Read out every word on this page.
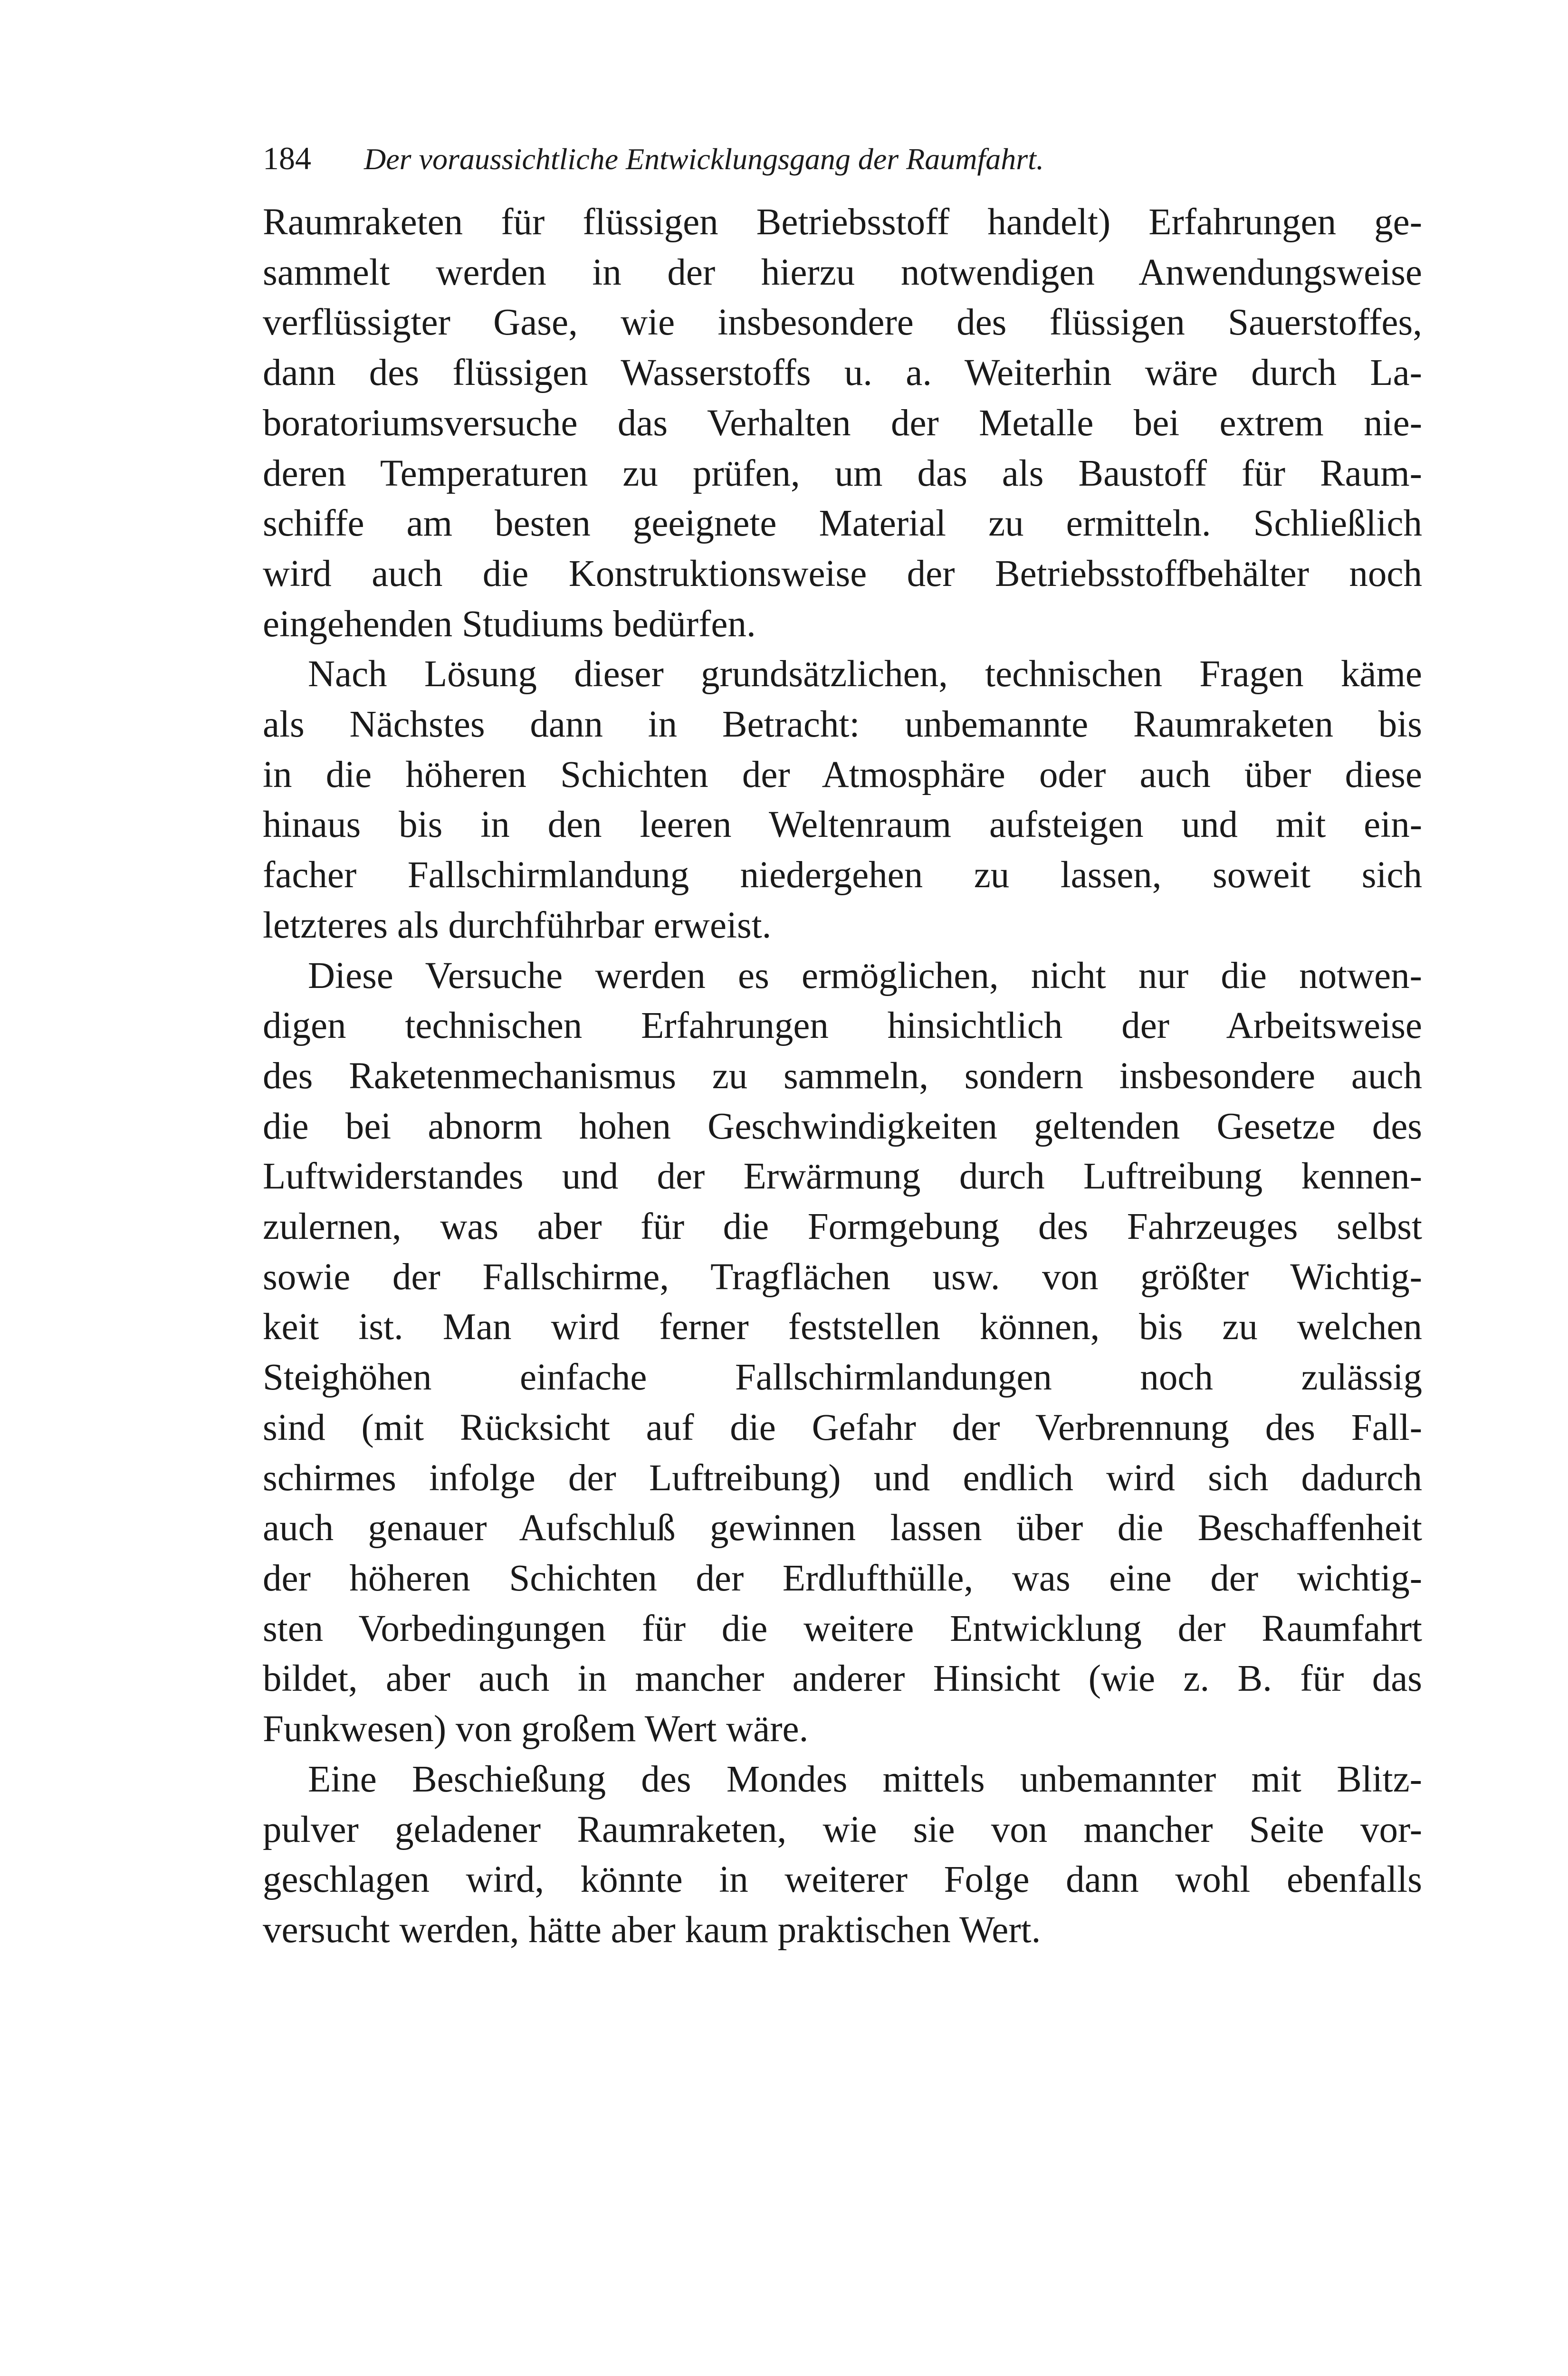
184 Der voraussichtliche Entwicklungsgang der Raumfahrt.
Raumraketen für flüssigen Betriebsstoff handelt) Erfahrungen ge-
sammelt werden in der hierzu notwendigen Anwendungsweise
verflüssigter Gase, wie insbesondere des flüssigen Sauerstoffes,
dann des flüssigen Wasserstoffs u. a. Weiterhin wäre durch La-
boratoriumsversuche das Verhalten der Metalle bei extrem nie-
deren Temperaturen zu prüfen, um das als Baustoff für Raum-
schiffe am besten geeignete Material zu ermitteln. Schließlich
wird auch die Konstruktionsweise der Betriebsstoffbehälter noch
eingehenden Studiums bedürfen.
Nach Lösung dieser grundsätzlichen, technischen Fragen käme
als Nächstes dann in Betracht: unbemannte Raumraketen bis
in die höheren Schichten der Atmosphäre oder auch über diese
hinaus bis in den leeren Weltenraum aufsteigen und mit ein-
facher Fallschirmlandung niedergehen zu lassen, soweit sich
letzteres als durchführbar erweist.
Diese Versuche werden es ermöglichen, nicht nur die notwen-
digen technischen Erfahrungen hinsichtlich der Arbeitsweise
des Raketenmechanismus zu sammeln, sondern insbesondere auch
die bei abnorm hohen Geschwindigkeiten geltenden Gesetze des
Luftwiderstandes und der Erwärmung durch Luftreibung kennen-
zulernen, was aber für die Formgebung des Fahrzeuges selbst
sowie der Fallschirme, Tragflächen usw. von größter Wichtig-
keit ist. Man wird ferner feststellen können, bis zu welchen
Steighöhen einfache Fallschirmlandungen noch zulässig
sind (mit Rücksicht auf die Gefahr der Verbrennung des Fall-
schirmes infolge der Luftreibung) und endlich wird sich dadurch
auch genauer Aufschluß gewinnen lassen über die Beschaffenheit
der höheren Schichten der Erdlufthülle, was eine der wichtig-
sten Vorbedingungen für die weitere Entwicklung der Raumfahrt
bildet, aber auch in mancher anderer Hinsicht (wie z. B. für das
Funkwesen) von großem Wert wäre.
Eine Beschießung des Mondes mittels unbemannter mit Blitz-
pulver geladener Raumraketen, wie sie von mancher Seite vor-
geschlagen wird, könnte in weiterer Folge dann wohl ebenfalls
versucht werden, hätte aber kaum praktischen Wert.
